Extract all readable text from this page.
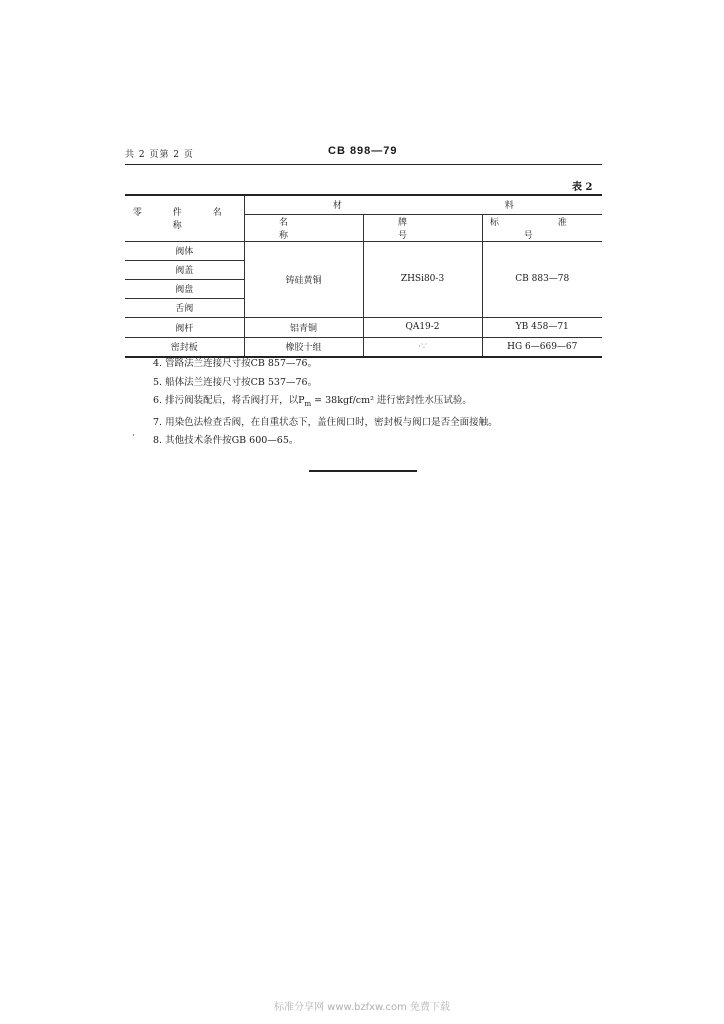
共 2 页第 2 页	CB 898—79
表 2
零 件 名 称	材 料		
	名 称	牌 号	标 准 号
阀体	铸硅黄铜	ZHSi80-3	CB 883—78
阀盖			
阀盘			
舌阀			
阀杆	铝青铜	QA19-2	YB 458—71
密封板	橡胶十组	·∵	HG 6—669—67
4. 管路法兰连接尺寸按CB 857—76。
5. 船体法兰连接尺寸按CB 537—76。
6. 排污阀装配后，将舌阀打开，以$P_m = 38kgf/cm^2$ 进行密封性水压试验。
7. 用染色法检查舌阀，在自重状态下，盖住阀口时，密封板与阀口是否全面接触。
8. 其他技术条件按GB 600—65。
·
标准分享网 www.bzfxw.com 免费下载
